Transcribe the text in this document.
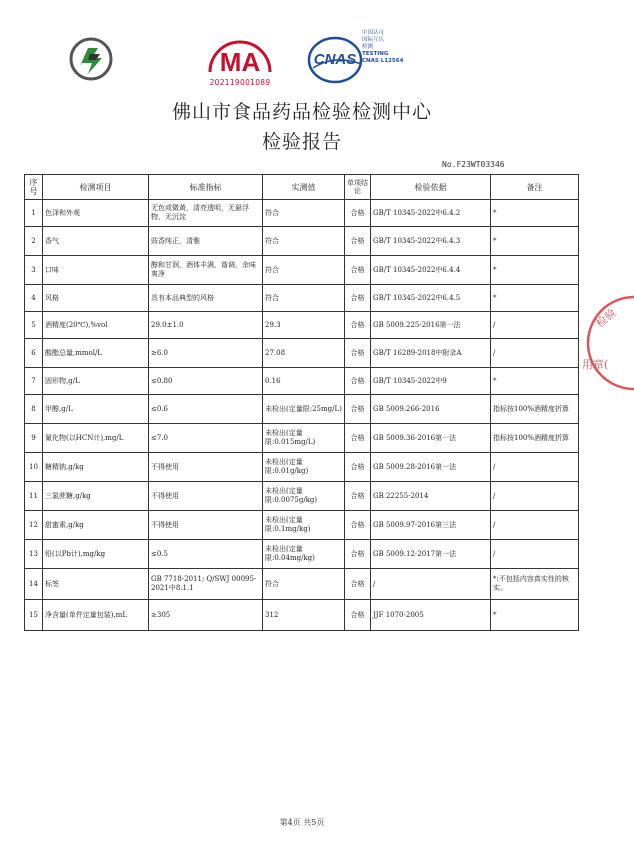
MA
202119001089
CNAS
中国认可
国际互认
检测
TESTING
CNAS L12564
佛山市食品药品检验检测中心
检验报告
No.F23WT03346
序号	检测项目	标准指标	实测值	单项结论	检验依据	备注
1	色泽和外观	无色或微黄，清亮透明，无悬浮物，无沉淀	符合	合格	GB/T 10345-2022中6.4.2	*
2	香气	豉香纯正，清雅	符合	合格	GB/T 10345-2022中6.4.3	*
3	口味	醇和甘润，酒体丰满，谐调，余味爽净	符合	合格	GB/T 10345-2022中6.4.4	*
4	风格	具有本品典型的风格	符合	合格	GB/T 10345-2022中6.4.5	*
5	酒精度(20℃),%vol	29.0±1.0	29.3	合格	GB 5009.225-2016第一法	/
6	酸酯总量,mmol/L	≥6.0	27.08	合格	GB/T 16289-2018中附录A	/
7	固形物,g/L	≤0.80	0.16	合格	GB/T 10345-2022中9	*
8	甲醇,g/L	≤0.6	未检出(定量限:25mg/L)	合格	GB 5009.266-2016	指标按100%酒精度折算
9	氰化物(以HCN计),mg/L	≤7.0	未检出(定量限:0.015mg/L)	合格	GB 5009.36-2016第一法	指标按100%酒精度折算
10	糖精钠,g/kg	不得使用	未检出(定量限:0.01g/kg)	合格	GB 5009.28-2016第一法	/
11	三氯蔗糖,g/kg	不得使用	未检出(定量限:0.0075g/kg)	合格	GB 22255-2014	/
12	甜蜜素,g/kg	不得使用	未检出(定量限:0.1mg/kg)	合格	GB 5009.97-2016第三法	/
13	铅(以Pb计),mg/kg	≤0.5	未检出(定量限:0.04mg/kg)	合格	GB 5009.12-2017第一法	/
14	标签	GB 7718-2011; Q/SWJ 00095-2021中8.1.1	符合	合格	/	*:不包括内容真实性的核实。
15	净含量(单件定量包装),mL	≥305	312	合格	JJF 1070-2005	*
检验
用章(
第4页 共5页
